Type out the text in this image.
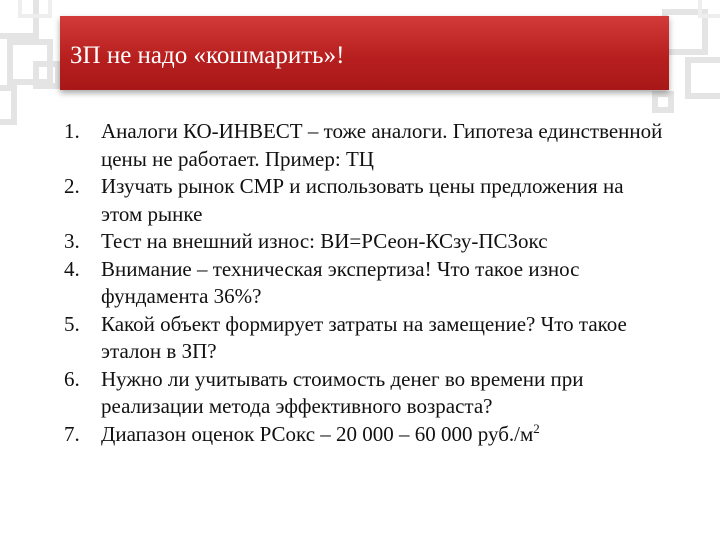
ЗП не надо «кошмарить»!
1.	Аналоги КО-ИНВЕСТ – тоже аналоги. Гипотеза единственной цены не работает. Пример: ТЦ
2.	Изучать рынок СМР и использовать цены предложения на этом рынке
3.	Тест на внешний износ: ВИ=РСеон-КСзу-ПСЗокс
4.	Внимание – техническая экспертиза! Что такое износ фундамента 36%?
5.	Какой объект формирует затраты на замещение? Что такое эталон в ЗП?
6.	Нужно ли учитывать стоимость денег во времени при реализации метода эффективного возраста?
7.	Диапазон оценок РСокс – 20 000 – 60 000 $руб./м^2$
